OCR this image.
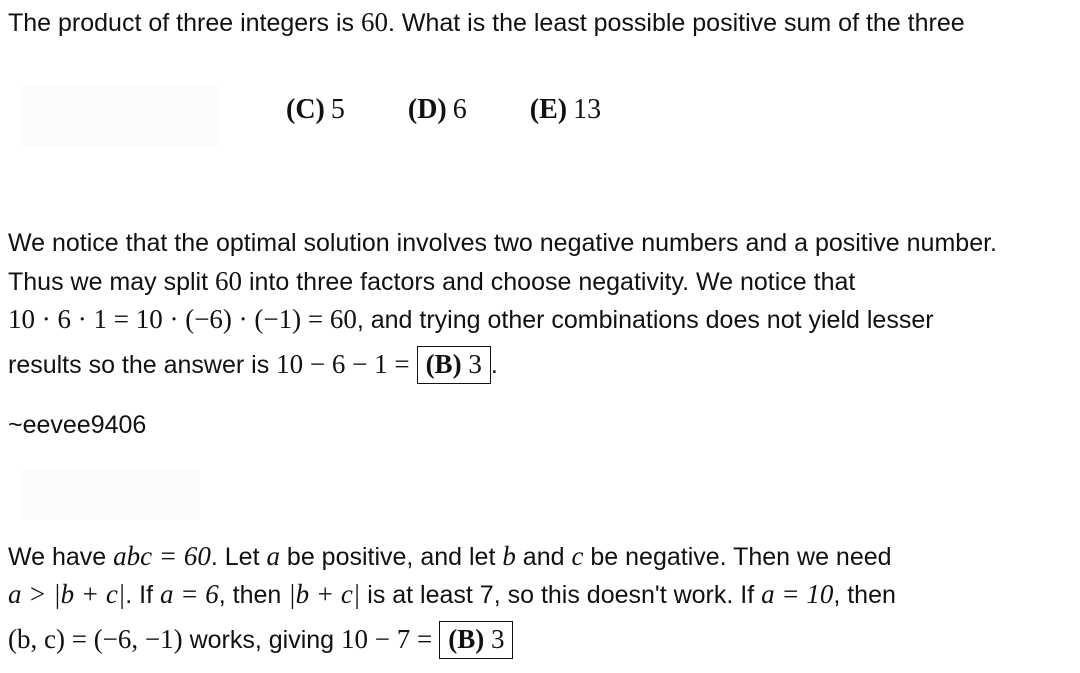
The product of three integers is 60. What is the least possible positive sum of the three
(C) 5 (D) 6 (E) 13
We notice that the optimal solution involves two negative numbers and a positive number.
Thus we may split 60 into three factors and choose negativity. We notice that
10 · 6 · 1 = 10 · (−6) · (−1) = 60, and trying other combinations does not yield lesser
results so the answer is 10 − 6 − 1 = (B) 3 .
~eevee9406
We have abc = 60. Let a be positive, and let b and c be negative. Then we need
a > |b + c|. If a = 6, then |b + c| is at least 7, so this doesn't work. If a = 10, then
(b, c) = (−6, −1) works, giving 10 − 7 = (B) 3
